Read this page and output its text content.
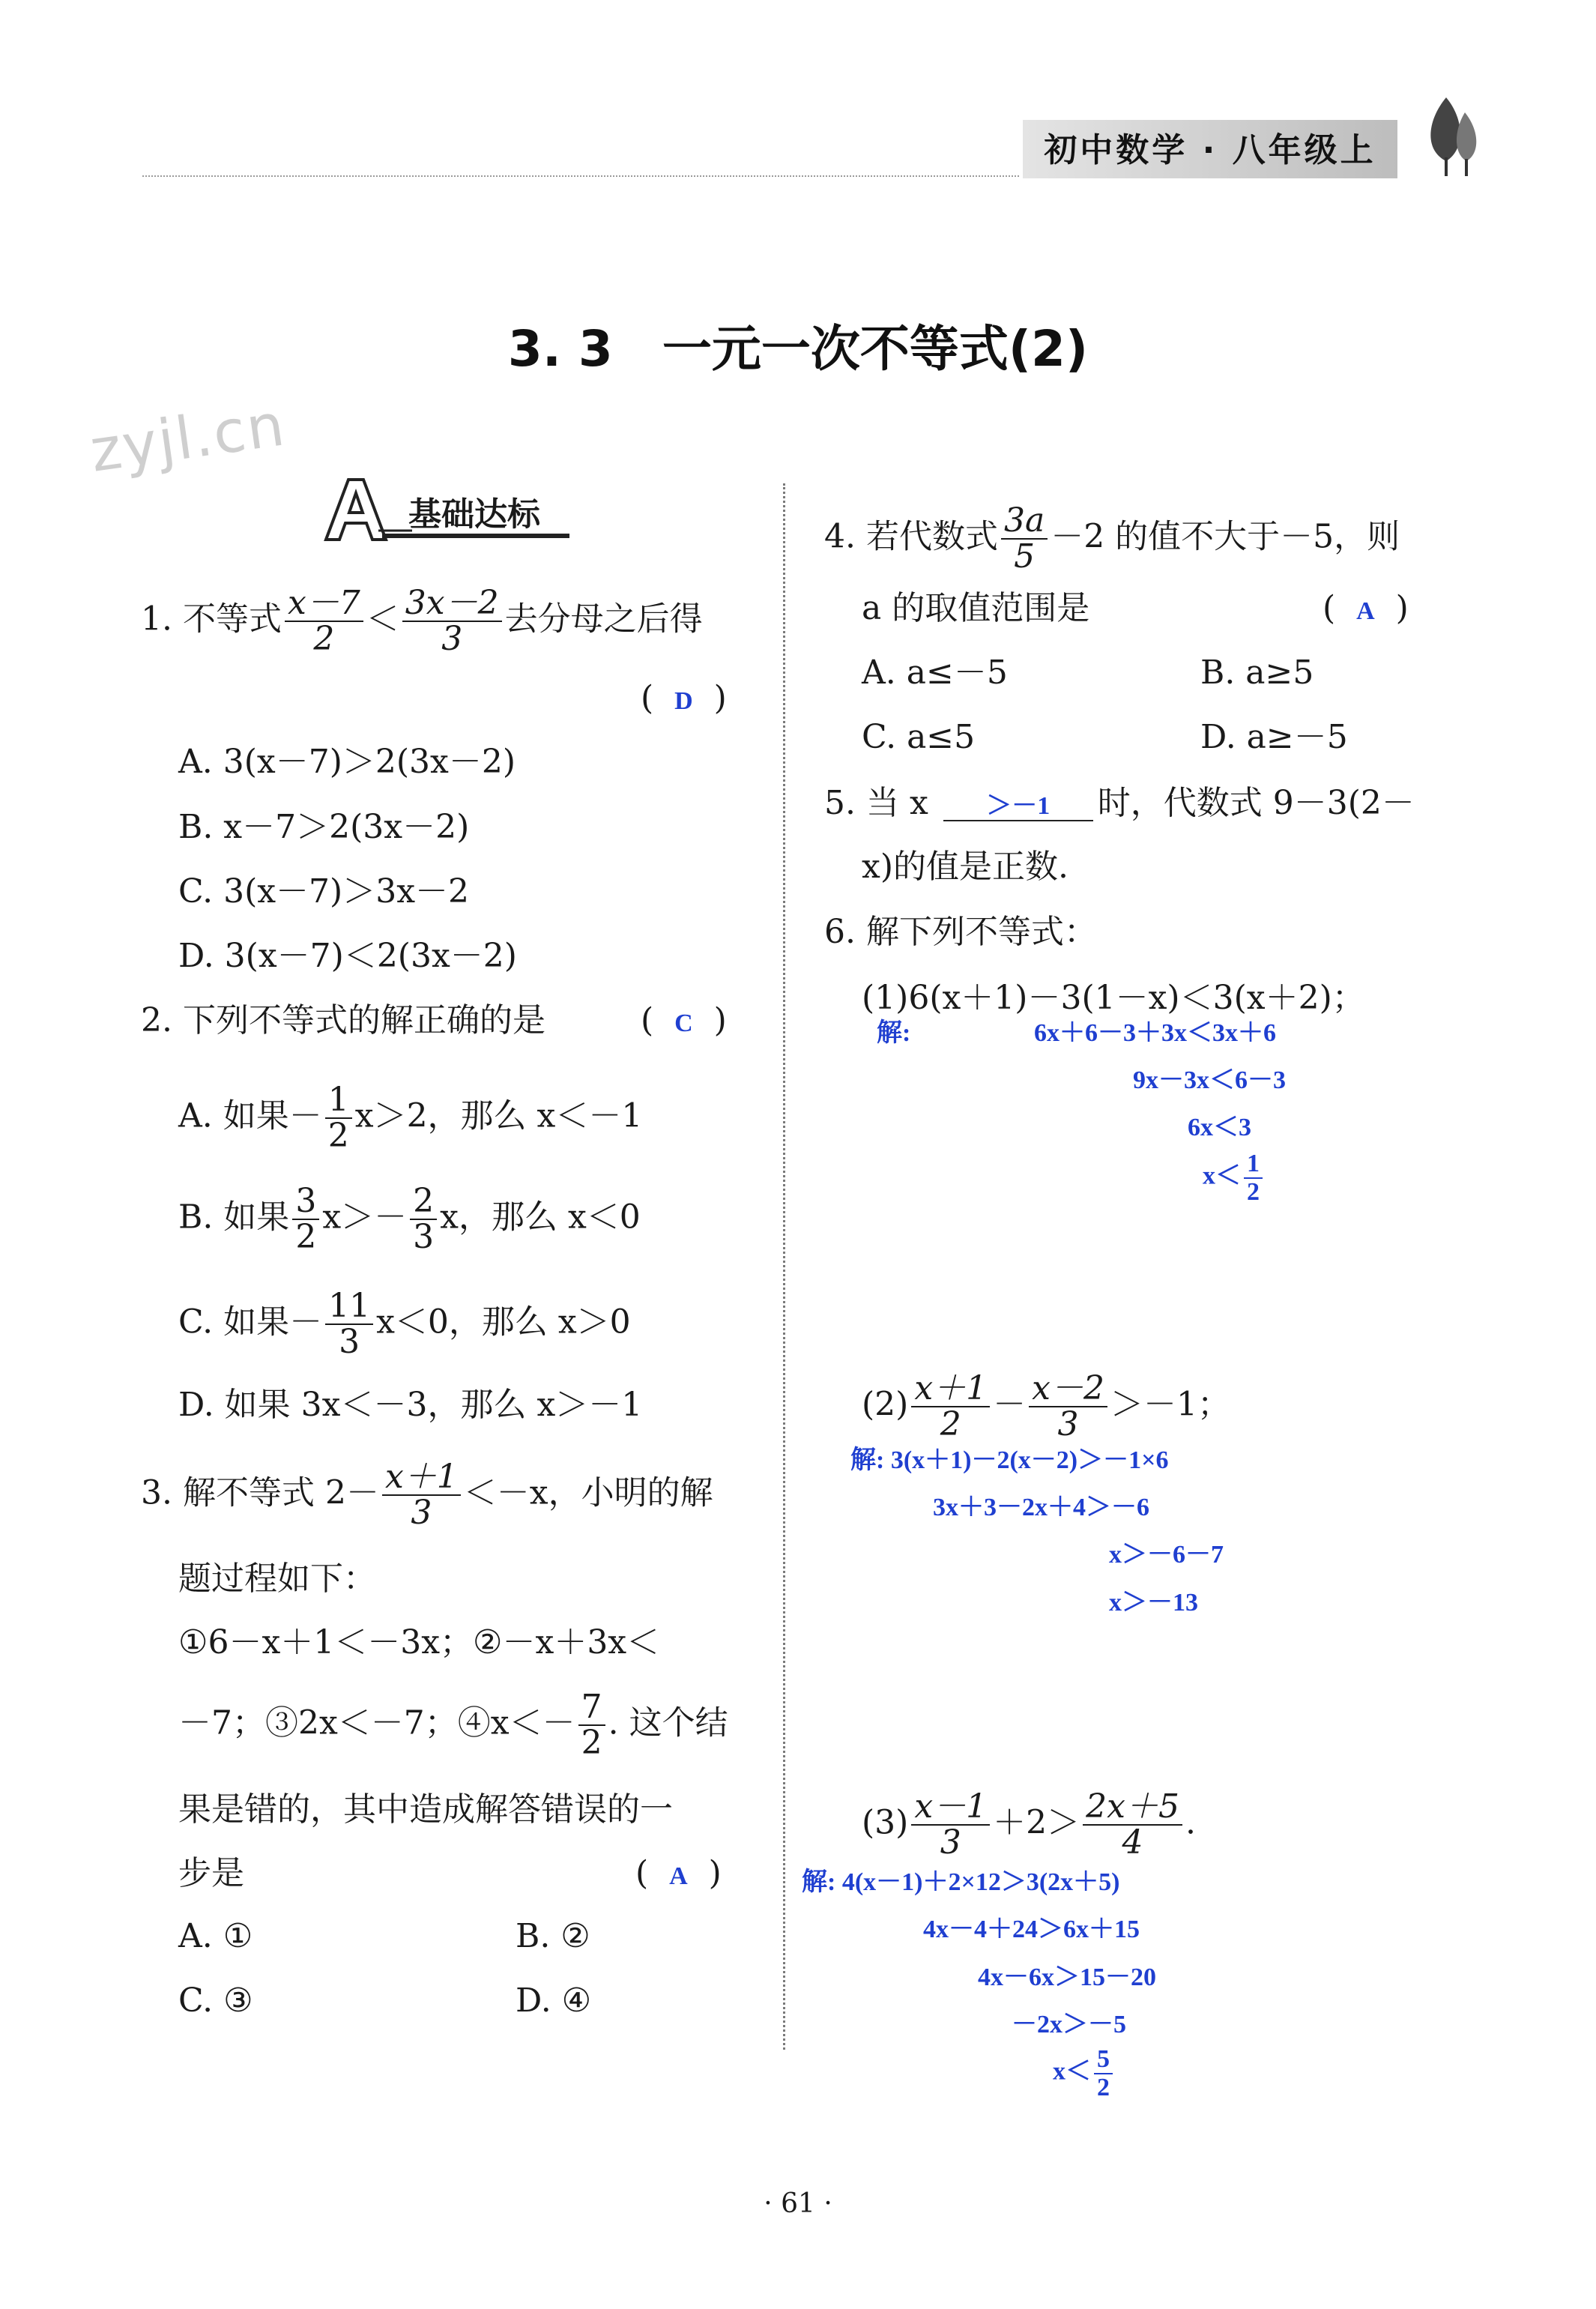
初中数学 · 八年级上
3. 3　一元一次不等式(2)
zyjl.cn
基础达标
1. 不等式 $\frac{x-7}{2} < \frac{3x-2}{3}$ 去分母之后得
(  D  )
A. 3(x－7)＞2(3x－2)
B. x－7＞2(3x－2)
C. 3(x－7)＞3x－2
D. 3(x－7)＜2(3x－2)
2. 下列不等式的解正确的是	(  C  )
A. 如果－ $\frac{1}{2} x>2$，那么 x＜－1
B. 如果 $\frac{3}{2} x>- \frac{2}{3}$ x，那么 x＜0
C. 如果－ $\frac{11}{3} x<0$，那么 x＞0
D. 如果 3x＜－3，那么 x＞－1
3. 解不等式 $2- \frac{x+1}{3} <-x$，小明的解
题过程如下：
①6－x＋1＜－3x；②－x＋3x＜
－7；③2x＜－7；④x＜－ $\frac{7}{2}$ . 这个结
果是错的，其中造成解答错误的一
步是	(  A  )
A. ①	B. ②
C. ③	D. ④
4. 若代数式 $\frac{3a}{5} -2$ 的值不大于－5，则
a 的取值范围是	(  A  )
A. a≤－5	B. a≥5
C. a≤5	D. a≥－5
5. 当 x ＞－1 时，代数式 9－3(2－
x)的值是正数.
6. 解下列不等式：
(1)6(x＋1)－3(1－x)＜3(x＋2)；
解:	6x＋6－3＋3x＜3x＋6
9x－3x＜6－3
6x＜3
$x< \frac{1}{2}$
$(2) \frac{x+1}{2} - \frac{x-2}{3} >-1$；
解: 3(x＋1)－2(x－2)＞－1×6
3x＋3－2x＋4＞－6
x＞－6－7
x＞－13
$(3) \frac{x-1}{3} +2> \frac{2x+5}{4}$ .
解: 4(x－1)＋2×12＞3(2x＋5)
4x－4＋24＞6x＋15
4x－6x＞15－20
－2x＞－5
$x< \frac{5}{2}$
· 61 ·
